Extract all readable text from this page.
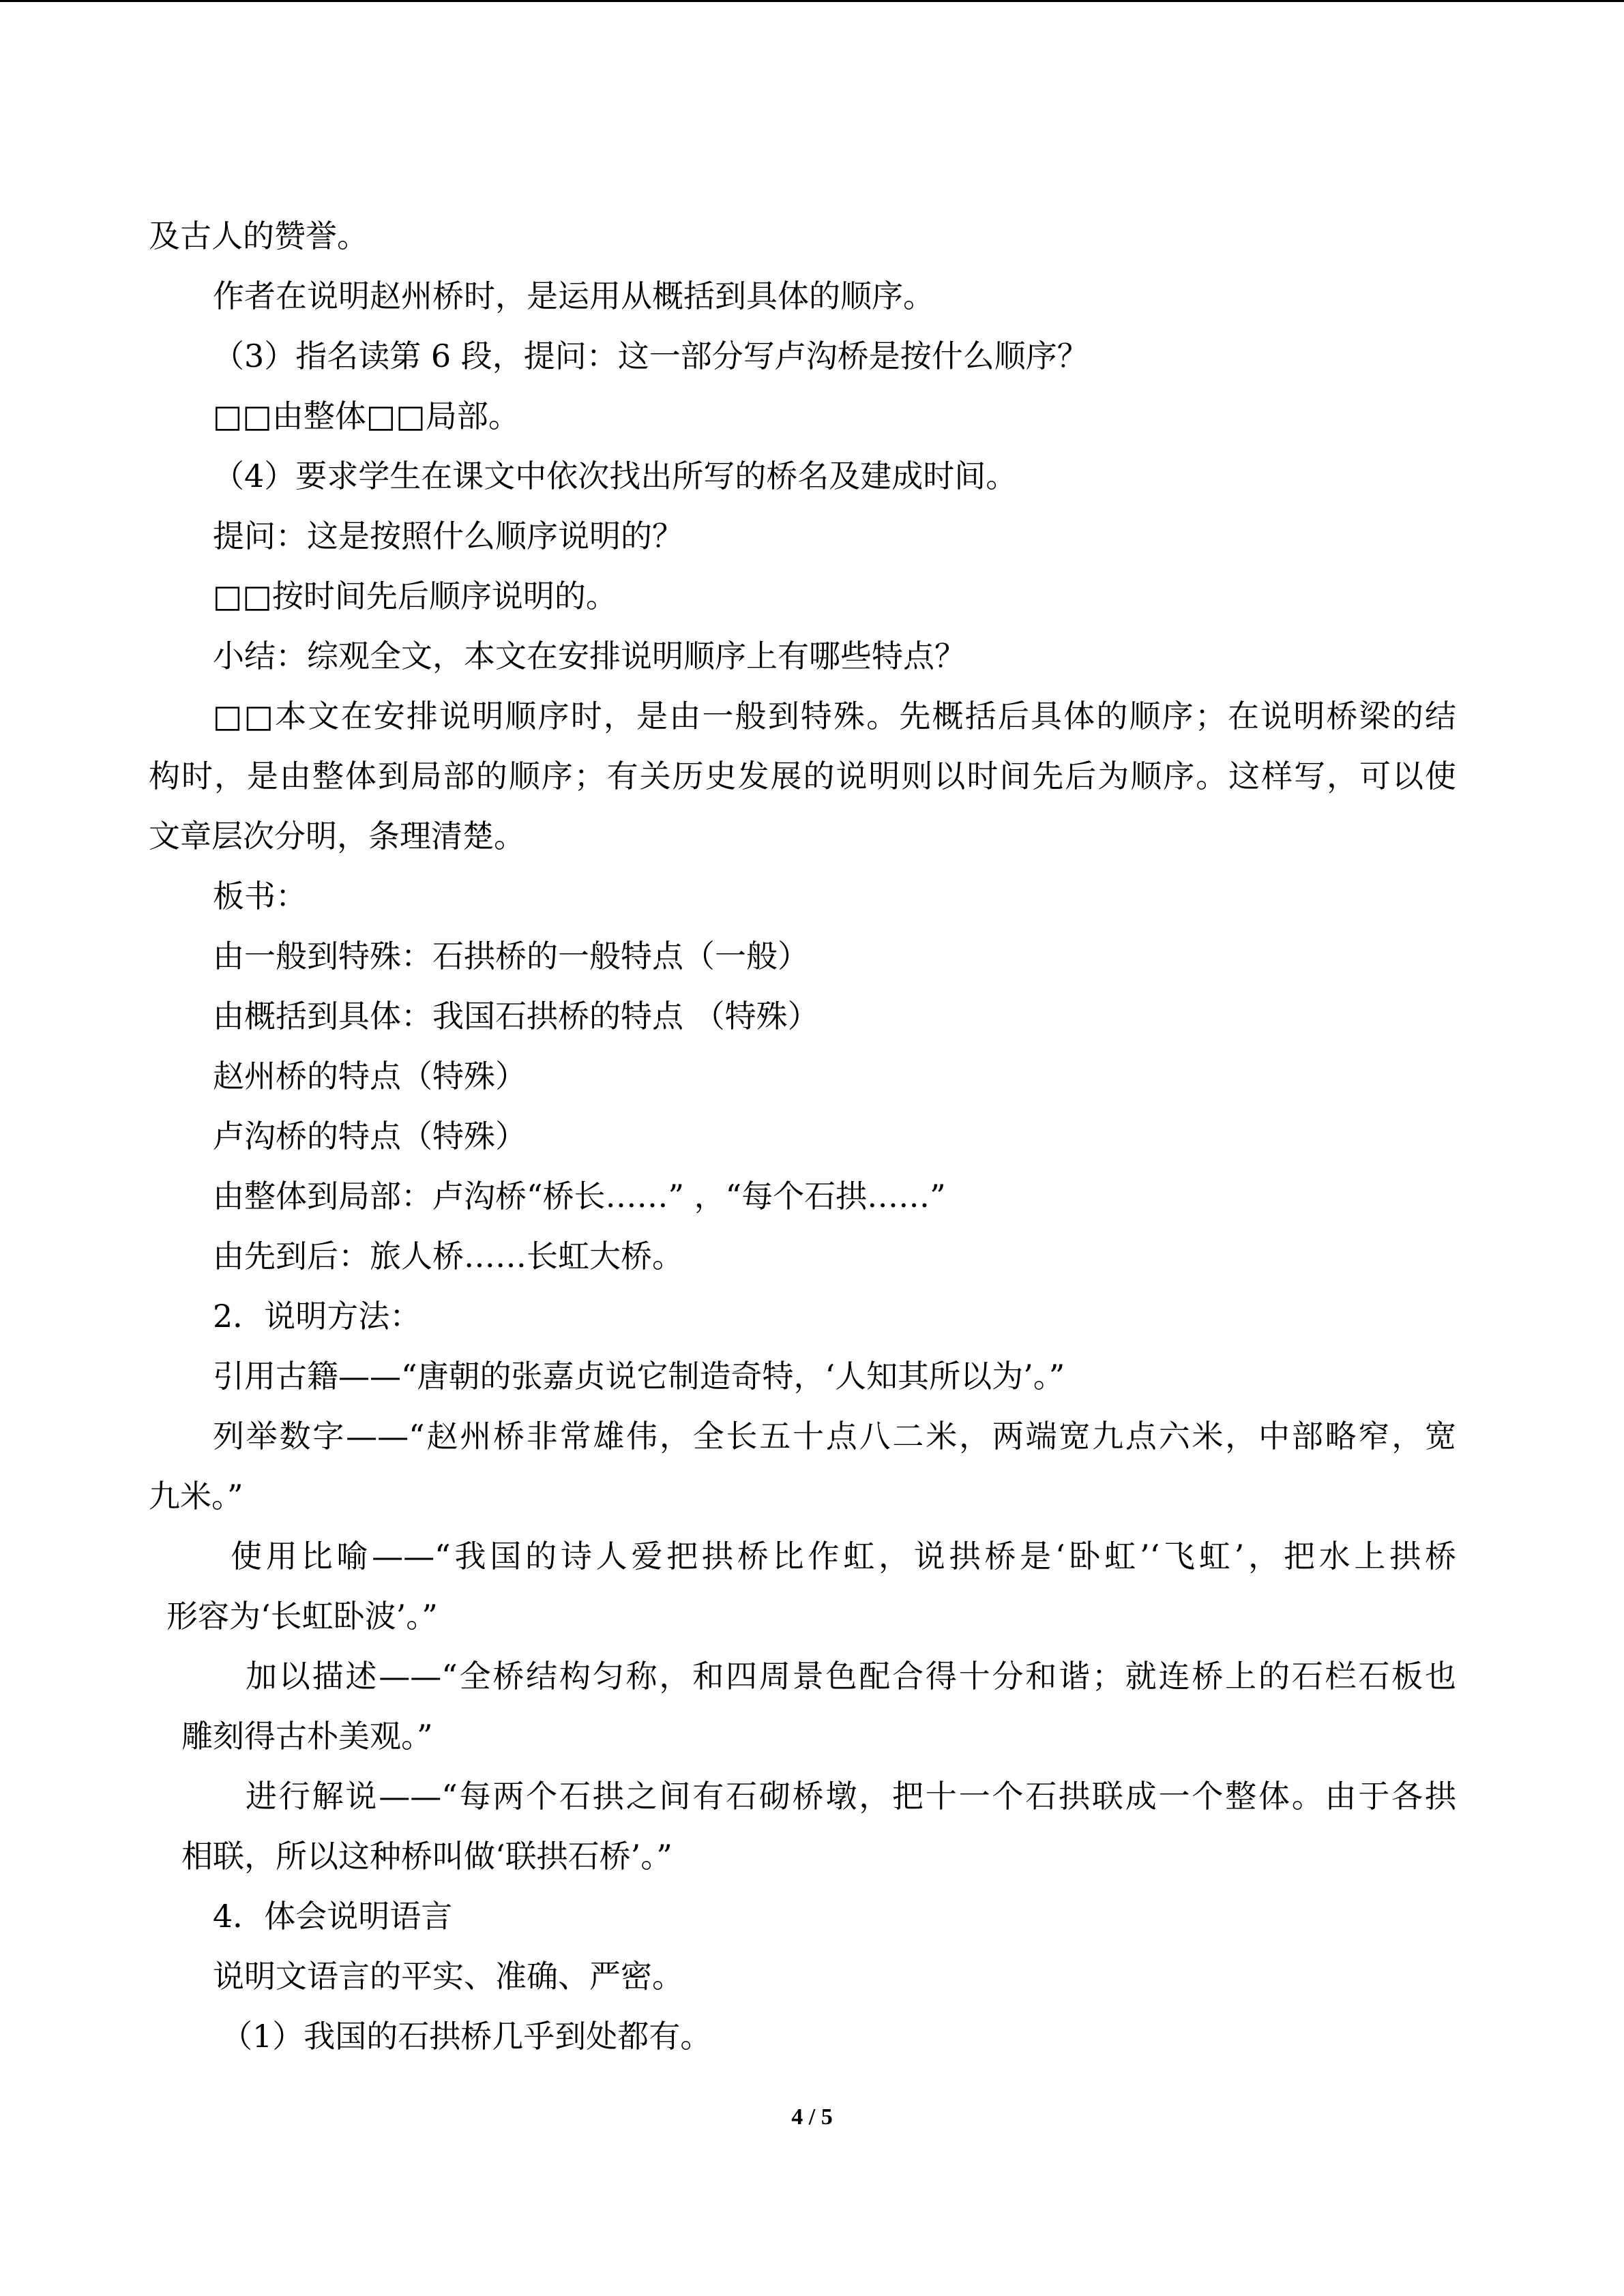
及古人的赞誉。
作者在说明赵州桥时，是运用从概括到具体的顺序。
（3）指名读第 6 段，提问：这一部分写卢沟桥是按什么顺序？
□□由整体□□局部。
（4）要求学生在课文中依次找出所写的桥名及建成时间。
提问：这是按照什么顺序说明的？
□□按时间先后顺序说明的。
小结：综观全文，本文在安排说明顺序上有哪些特点？
□□本文在安排说明顺序时，是由一般到特殊。先概括后具体的顺序；在说明桥梁的结
构时，是由整体到局部的顺序；有关历史发展的说明则以时间先后为顺序。这样写，可以使
文章层次分明，条理清楚。
板书：
由一般到特殊：石拱桥的一般特点（一般）
由概括到具体：我国石拱桥的特点 （特殊）
赵州桥的特点（特殊）
卢沟桥的特点（特殊）
由整体到局部：卢沟桥“桥长……” ，“每个石拱……”
由先到后：旅人桥……长虹大桥。
2．说明方法：
引用古籍——“唐朝的张嘉贞说它制造奇特，‘人知其所以为’。”
列举数字——“赵州桥非常雄伟，全长五十点八二米，两端宽九点六米，中部略窄，宽
九米。”
使用比喻——“我国的诗人爱把拱桥比作虹，说拱桥是‘卧虹’‘飞虹’，把水上拱桥
形容为‘长虹卧波’。”
加以描述——“全桥结构匀称，和四周景色配合得十分和谐；就连桥上的石栏石板也
雕刻得古朴美观。”
进行解说——“每两个石拱之间有石砌桥墩，把十一个石拱联成一个整体。由于各拱
相联，所以这种桥叫做‘联拱石桥’。”
4．体会说明语言
说明文语言的平实、准确、严密。
（1）我国的石拱桥几乎到处都有。
4 / 5
